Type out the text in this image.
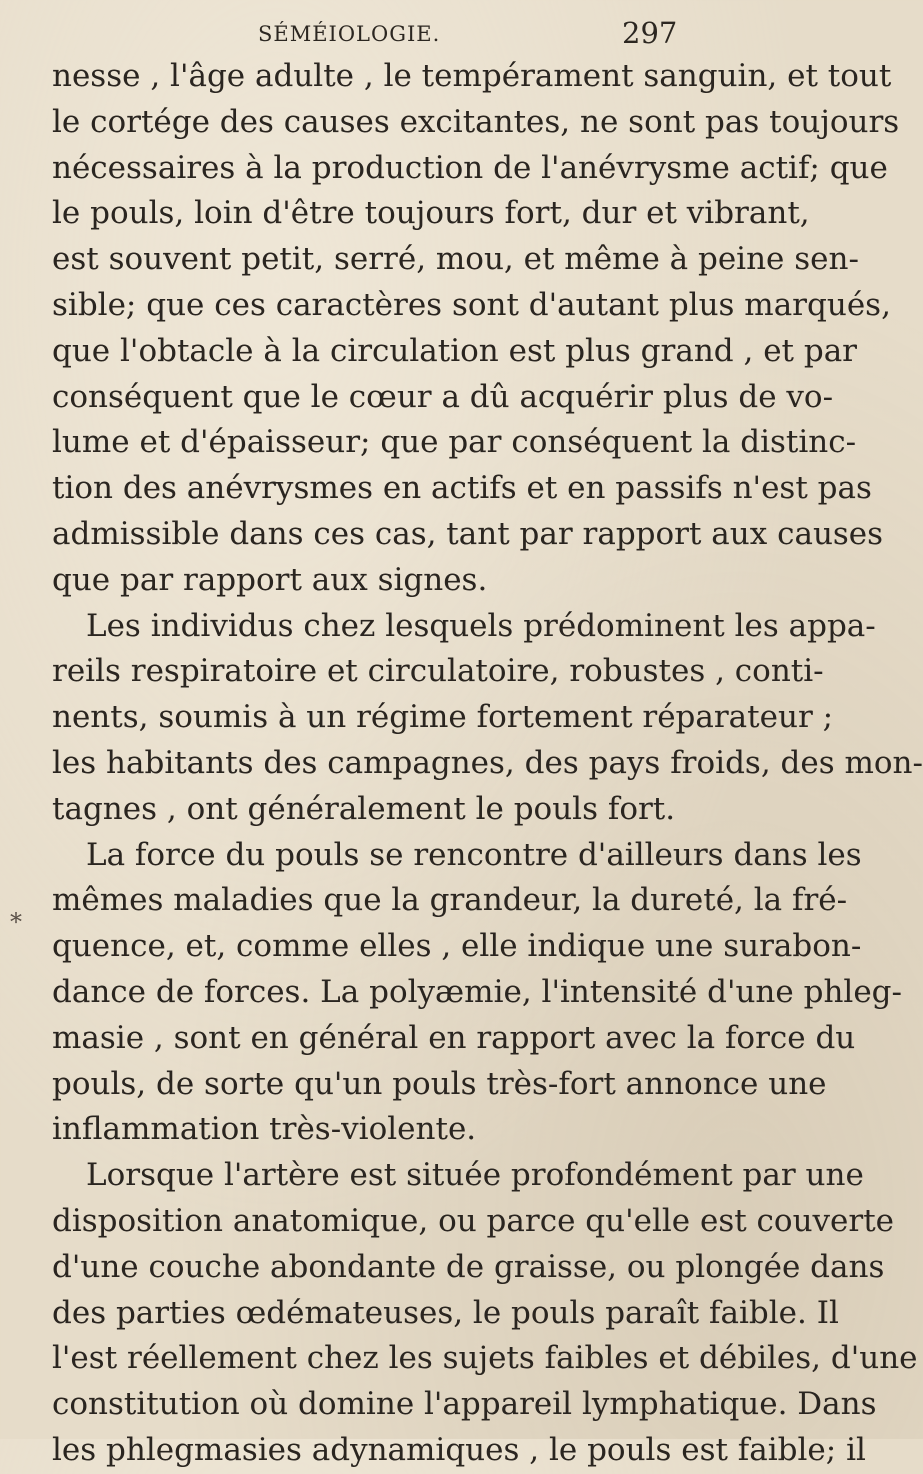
SÉMÉIOLOGIE.	297
*
nesse , l'âge adulte , le tempérament sanguin, et tout
le cortége des causes excitantes, ne sont pas toujours
nécessaires à la production de l'anévrysme actif; que
le pouls, loin d'être toujours fort, dur et vibrant,
est souvent petit, serré, mou, et même à peine sen-
sible; que ces caractères sont d'autant plus marqués,
que l'obtacle à la circulation est plus grand , et par
conséquent que le cœur a dû acquérir plus de vo-
lume et d'épaisseur; que par conséquent la distinc-
tion des anévrysmes en actifs et en passifs n'est pas
admissible dans ces cas, tant par rapport aux causes
que par rapport aux signes.
Les individus chez lesquels prédominent les appa-
reils respiratoire et circulatoire, robustes , conti-
nents, soumis à un régime fortement réparateur ;
les habitants des campagnes, des pays froids, des mon-
tagnes , ont généralement le pouls fort.
La force du pouls se rencontre d'ailleurs dans les
mêmes maladies que la grandeur, la dureté, la fré-
quence, et, comme elles , elle indique une surabon-
dance de forces. La polyæmie, l'intensité d'une phleg-
masie , sont en général en rapport avec la force du
pouls, de sorte qu'un pouls très-fort annonce une
inflammation très-violente.
Lorsque l'artère est située profondément par une
disposition anatomique, ou parce qu'elle est couverte
d'une couche abondante de graisse, ou plongée dans
des parties œdémateuses, le pouls paraît faible. Il
l'est réellement chez les sujets faibles et débiles, d'une
constitution où domine l'appareil lymphatique. Dans
les phlegmasies adynamiques , le pouls est faible; il
